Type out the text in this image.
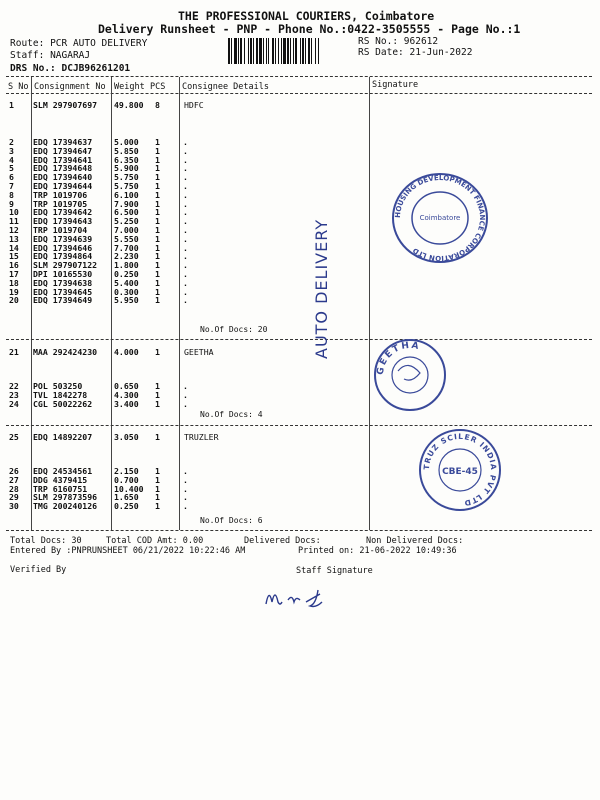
THE PROFESSIONAL COURIERS, Coimbatore
Delivery Runsheet - PNP - Phone No.:0422-3505555 - Page No.:1
Route: PCR AUTO DELIVERY
Staff: NAGARAJ
DRS No.: DCJB96261201
RS No.: 962612
RS Date: 21-Jun-2022
S No Consignment No Weight PCS Consignee Details	Signature
1 SLM 297907697 49.800 8	HDFC
2 EDQ 17394637	5.000 1	.
3 EDQ 17394647	5.850 1	.
4 EDQ 17394641	6.350 1	.
5 EDQ 17394648	5.900 1	.
6 EDQ 17394640	5.750 1	.
7 EDQ 17394644	5.750 1	.
8 TRP 1019706	6.100 1	.
9 TRP 1019705	7.900 1	.
10 EDQ 17394642	6.500 1	.
11 EDQ 17394643	5.250 1	.
12 TRP 1019704	7.000 1	.
13 EDQ 17394639	5.550 1	.
14 EDQ 17394646	7.700 1	.
15 EDQ 17394864	2.230 1	.
16 SLM 297907122 1.800 1	.
17 DPI 10165530	0.250 1	.
18 EDQ 17394638	5.400 1	.
19 EDQ 17394645	0.300 1	.
20 EDQ 17394649	5.950 1	.
No.Of Docs: 20
21 MAA 292424230 4.000 1	GEETHA
22 POL 503250	0.650 1	.
23 TVL 1842278	4.300 1	.
24 CGL 50022262	3.400 1	.
No.Of Docs: 4
25 EDQ 14892207	3.050 1	TRUZLER
26 EDQ 24534561	2.150 1	.
27 DDG 4379415	0.700 1	.
28 TRP 6160751	10.400 1	.
29 SLM 297873596 1.650 1	.
30 TMG 200240126 0.250 1	.
No.Of Docs: 6
Total Docs: 30	Total COD Amt: 0.00	Delivered Docs:	Non Delivered Docs:
Entered By :PNPRUNSHEET 06/21/2022 10:22:46 AM	Printed on: 21-06-2022 10:49:36
Verified By	Staff Signature
AUTO DELIVERY
HOUSING DEVELOPMENT FINANCE CORPORATION LTD
Coimbatore
GEETHA
TRUZ SCILER INDIA PVT LTD
CBE-45
